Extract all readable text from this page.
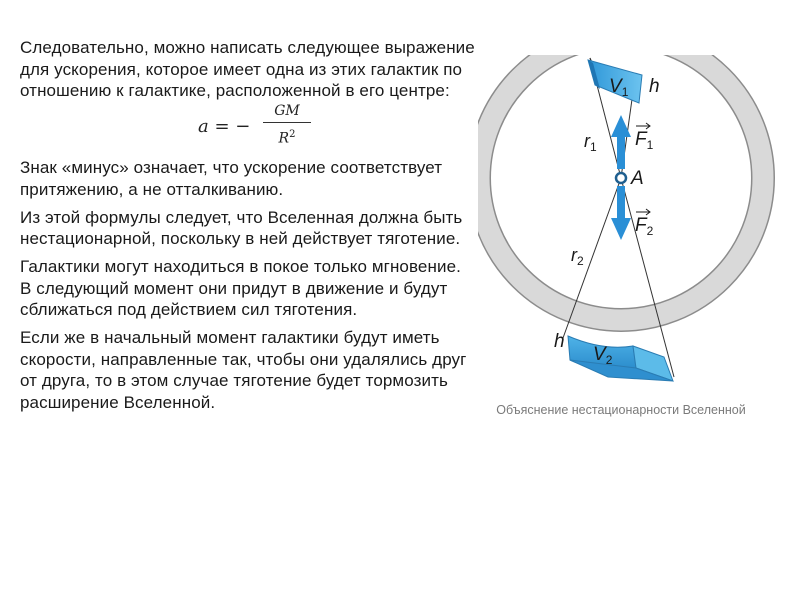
Следовательно, можно написать следующее выражение для ускорения, которое имеет одна из этих галактик по отношению к галактике, расположенной в его центре:

a = −
GM
$R^2$

Знак «минус» означает, что ускорение соответствует притяжению, а не отталкиванию.

Из этой формулы следует, что Вселенная должна быть нестационарной, поскольку в ней действует тяготение.

Галактики могут находиться в покое только мгновение. В следующий момент они придут в движение и будут сближаться под действием сил тяготения.

Если же в начальный момент галактики будут иметь скорости, направленные так, чтобы они удалялись друг от друга, то в этом случае тяготение будет тормозить расширение Вселенной.

$V_1$ h
$r_1$ $F_1$
A
$F_2$
$r_2$
h
$V_2$
Объяснение нестационарности Вселенной
